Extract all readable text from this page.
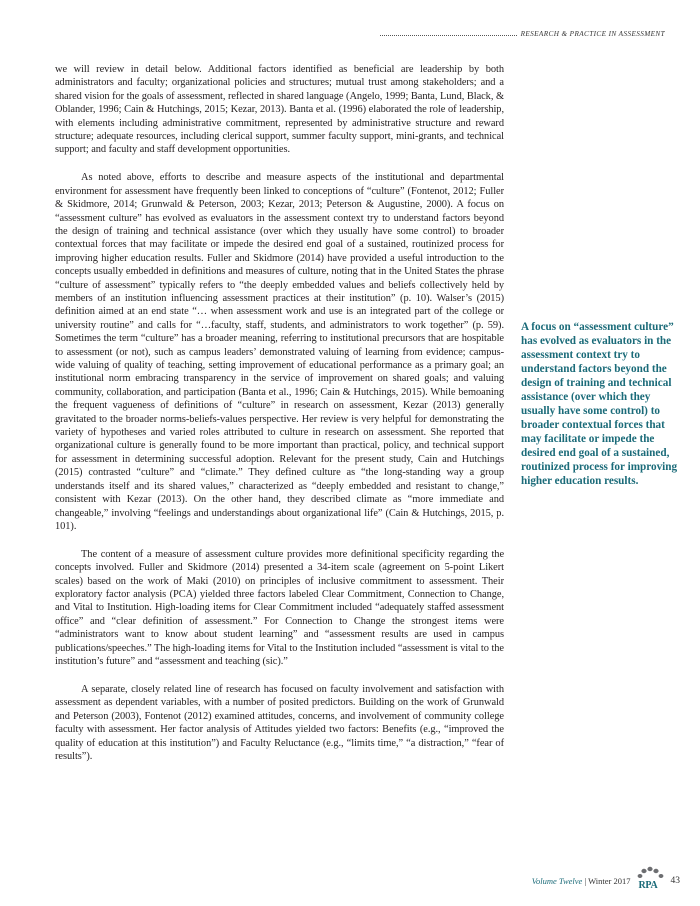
RESEARCH & PRACTICE IN ASSESSMENT

we will review in detail below. Additional factors identified as beneficial are leadership by both administrators and faculty; organizational policies and structures; mutual trust among stakeholders; and a shared vision for the goals of assessment, reflected in shared language (Angelo, 1999; Banta, Lund, Black, & Oblander, 1996; Cain & Hutchings, 2015; Kezar, 2013). Banta et al. (1996) elaborated the role of leadership, with elements including administrative commitment, represented by administrative structure and reward structure; adequate resources, including clerical support, summer faculty support, mini-grants, and technical support; and faculty and staff development opportunities.

As noted above, efforts to describe and measure aspects of the institutional and departmental environment for assessment have frequently been linked to conceptions of “culture” (Fontenot, 2012; Fuller & Skidmore, 2014; Grunwald & Peterson, 2003; Kezar, 2013; Peterson & Augustine, 2000). A focus on “assessment culture” has evolved as evaluators in the assessment context try to understand factors beyond the design of training and technical assistance (over which they usually have some control) to broader contextual forces that may facilitate or impede the desired end goal of a sustained, routinized process for improving higher education results. Fuller and Skidmore (2014) have provided a useful introduction to the concepts usually embedded in definitions and measures of culture, noting that in the United States the phrase “culture of assessment” typically refers to “the deeply embedded values and beliefs collectively held by members of an institution influencing assessment practices at their institution” (p. 10). Walser’s (2015) definition aimed at an end state “… when assessment work and use is an integrated part of the college or university routine” and calls for “…faculty, staff, students, and administrators to work together” (p. 59). Sometimes the term “culture” has a broader meaning, referring to institutional precursors that are hospitable to assessment (or not), such as campus leaders’ demonstrated valuing of learning from evidence; campus-wide valuing of quality of teaching, setting improvement of educational performance as a primary goal; an institutional norm embracing transparency in the service of improvement on shared goals; and valuing community, collaboration, and participation (Banta et al., 1996; Cain & Hutchings, 2015). While bemoaning the frequent vagueness of definitions of “culture” in research on assessment, Kezar (2013) generally gravitated to the broader norms-beliefs-values perspective. Her review is very helpful for demonstrating the variety of hypotheses and varied roles attributed to culture in research on assessment. She reported that organizational culture is generally found to be more important than practical, policy, and technical support for assessment in determining successful adoption. Relevant for the present study, Cain and Hutchings (2015) contrasted “culture” and “climate.” They defined culture as “the long-standing way a group understands itself and its shared values,” characterized as “deeply embedded and resistant to change,” consistent with Kezar (2013). On the other hand, they described climate as “more immediate and changeable,” involving “feelings and understandings about organizational life” (Cain & Hutchings, 2015, p. 101).

The content of a measure of assessment culture provides more definitional specificity regarding the concepts involved. Fuller and Skidmore (2014) presented a 34-item scale (agreement on 5-point Likert scales) based on the work of Maki (2010) on principles of inclusive commitment to assessment. Their exploratory factor analysis (PCA) yielded three factors labeled Clear Commitment, Connection to Change, and Vital to Institution. High-loading items for Clear Commitment included “adequately staffed assessment office” and “clear definition of assessment.” For Connection to Change the strongest items were “administrators want to know about student learning” and “assessment results are used in campus publications/speeches.” The high-loading items for Vital to the Institution included “assessment is vital to the institution’s future” and “assessment and teaching (sic).”

A separate, closely related line of research has focused on faculty involvement and satisfaction with assessment as dependent variables, with a number of posited predictors. Building on the work of Grunwald and Peterson (2003), Fontenot (2012) examined attitudes, concerns, and involvement of community college faculty with assessment. Her factor analysis of Attitudes yielded two factors: Benefits (e.g., “improved the quality of education at this institution”) and Faculty Reluctance (e.g., “limits time,” “a distraction,” “fear of results”).

A focus on “assessment culture” has evolved as evaluators in the assessment context try to understand factors beyond the design of training and technical assistance (over which they usually have some control) to broader contextual forces that may facilitate or impede the desired end goal of a sustained, routinized process for improving higher education results.
Volume Twelve | Winter 2017 RPA 43
